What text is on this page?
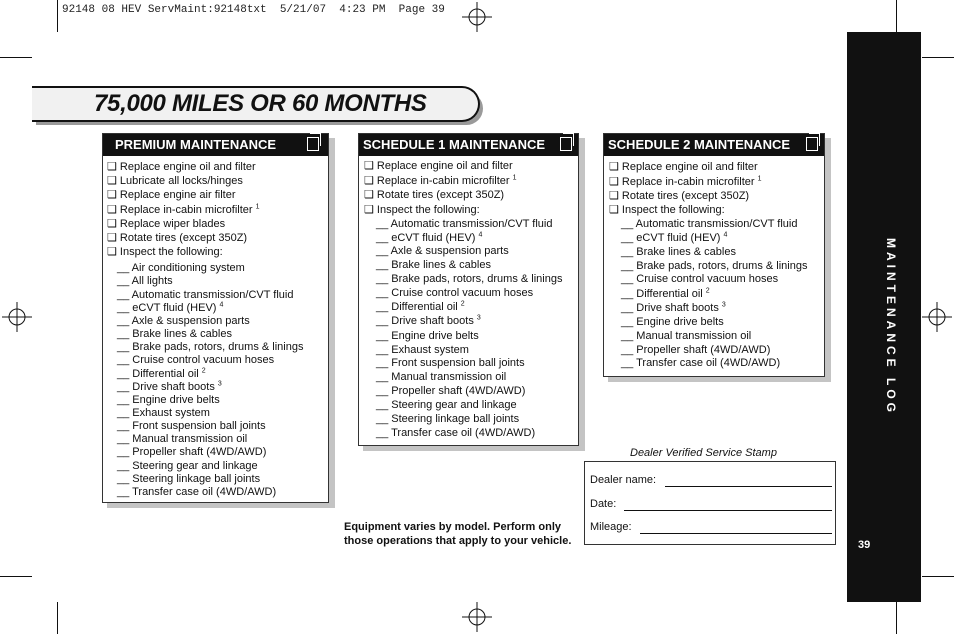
92148 08 HEV ServMaint:92148txt  5/21/07  4:23 PM  Page 39
75,000 MILES OR 60 MONTHS
PREMIUM MAINTENANCE	SCHEDULE 1 MAINTENANCE	SCHEDULE 2 MAINTENANCE
❑ Replace engine oil and filter
❑ Lubricate all locks/hinges
❑ Replace engine air filter
❑ Replace in-cabin microfilter $^1$
❑ Replace wiper blades
❑ Rotate tires (except 350Z)
❑ Inspect the following:
__ Air conditioning system
__ All lights
__ Automatic transmission/CVT fluid
__ eCVT fluid (HEV) $^4$
__ Axle & suspension parts
__ Brake lines & cables
__ Brake pads, rotors, drums & linings
__ Cruise control vacuum hoses
__ Differential oil $^2$
__ Drive shaft boots $^3$
__ Engine drive belts
__ Exhaust system
__ Front suspension ball joints
__ Manual transmission oil
__ Propeller shaft (4WD/AWD)
__ Steering gear and linkage
__ Steering linkage ball joints
__ Transfer case oil (4WD/AWD)
❑ Replace engine oil and filter
❑ Replace in-cabin microfilter $^1$
❑ Rotate tires (except 350Z)
❑ Inspect the following:
__ Automatic transmission/CVT fluid
__ eCVT fluid (HEV) $^4$
__ Axle & suspension parts
__ Brake lines & cables
__ Brake pads, rotors, drums & linings
__ Cruise control vacuum hoses
__ Differential oil $^2$
__ Drive shaft boots $^3$
__ Engine drive belts
__ Exhaust system
__ Front suspension ball joints
__ Manual transmission oil
__ Propeller shaft (4WD/AWD)
__ Steering gear and linkage
__ Steering linkage ball joints
__ Transfer case oil (4WD/AWD)
❑ Replace engine oil and filter
❑ Replace in-cabin microfilter $^1$
❑ Rotate tires (except 350Z)
❑ Inspect the following:
__ Automatic transmission/CVT fluid
__ eCVT fluid (HEV) $^4$
__ Brake lines & cables
__ Brake pads, rotors, drums & linings
__ Cruise control vacuum hoses
__ Differential oil $^2$
__ Drive shaft boots $^3$
__ Engine drive belts
__ Manual transmission oil
__ Propeller shaft (4WD/AWD)
__ Transfer case oil (4WD/AWD)
Dealer Verified Service Stamp
Dealer name:
Date:
Mileage:
Equipment varies by model. Perform only
those operations that apply to your vehicle.
MAINTENANCE LOG
39
